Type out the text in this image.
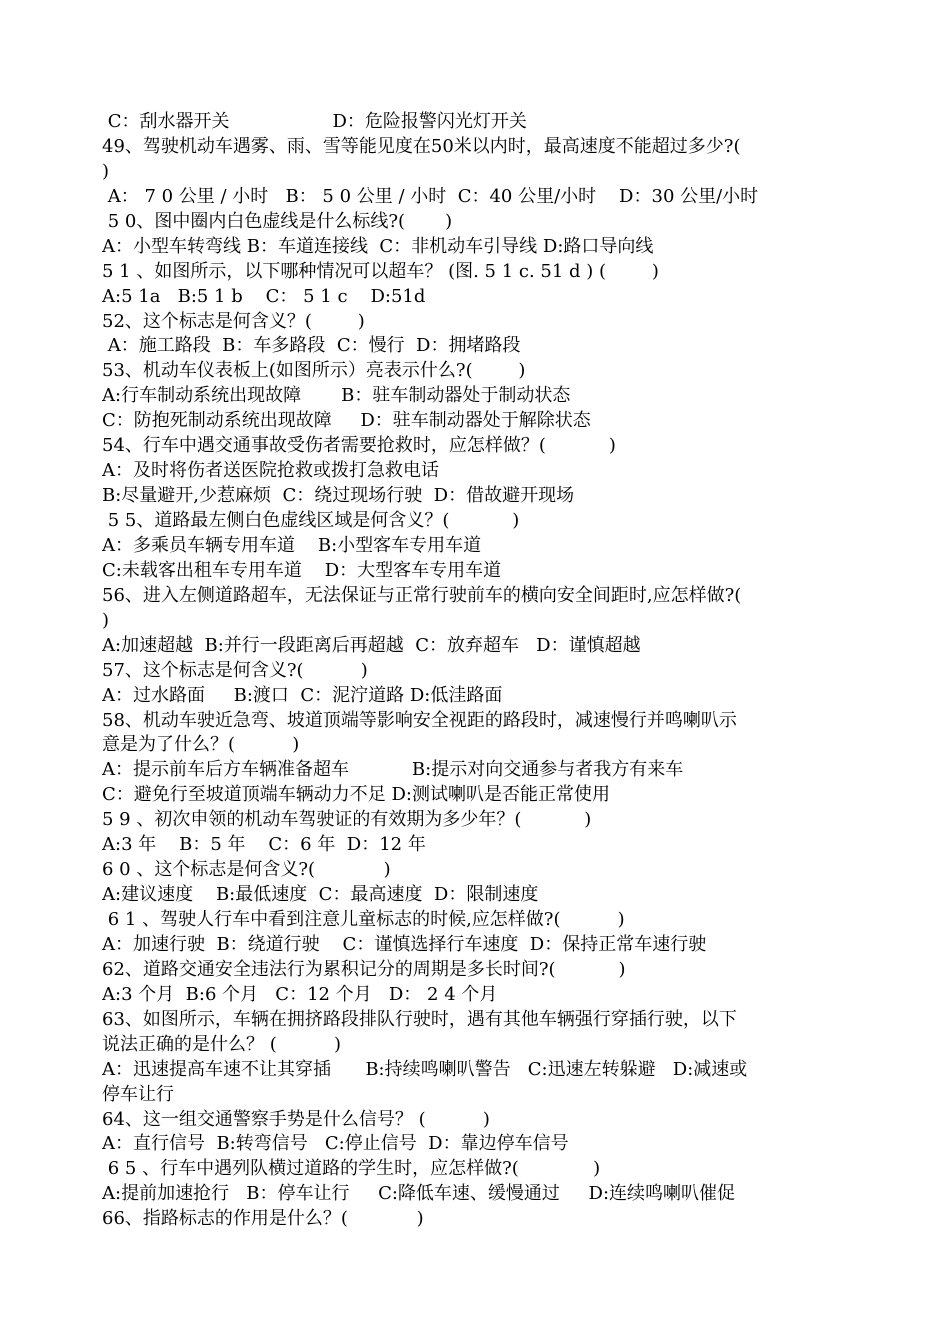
C：刮水器开关                  D：危险报警闪光灯开关
49、驾驶机动车遇雾、雨、雪等能见度在50米以内时，最高速度不能超过多少?(
)
A： 7 0 公里 / 小时   B： 5 0 公里 / 小时  C：40 公里/小时    D：30 公里/小时
5 0、图中圈内白色虚线是什么标线?(       )
A：小型车转弯线 B：车道连接线  C：非机动车引导线 D:路口导向线
5 1 、如图所示，以下哪种情况可以超车？ (图. 5 1 c. 51 d ) (        )
A:5 1a   B:5 1 b    C： 5 1 c    D:51d
52、这个标志是何含义？(        )
A：施工路段  B：车多路段  C：慢行  D：拥堵路段
53、机动车仪表板上(如图所示）亮表示什么?(        )
A:行车制动系统出现故障       B：驻车制动器处于制动状态
C：防抱死制动系统出现故障     D：驻车制动器处于解除状态
54、行车中遇交通事故受伤者需要抢救时，应怎样做？(           )
A：及时将伤者送医院抢救或拨打急救电话
B:尽量避开,少惹麻烦  C：绕过现场行驶  D：借故避开现场
5 5、道路最左侧白色虚线区域是何含义？(           )
A：多乘员车辆专用车道    B:小型客车专用车道
C:未载客出租车专用车道    D：大型客车专用车道
56、进入左侧道路超车，无法保证与正常行驶前车的横向安全间距时,应怎样做?(
)
A:加速超越  B:并行一段距离后再超越  C：放弃超车   D：谨慎超越
57、这个标志是何含义?(          )
A：过水路面     B:渡口  C：泥泞道路 D:低洼路面
58、机动车驶近急弯、坡道顶端等影响安全视距的路段时，减速慢行并鸣喇叭示
意是为了什么？(          )
A：提示前车后方车辆准备超车           B:提示对向交通参与者我方有来车
C：避免行至坡道顶端车辆动力不足 D:测试喇叭是否能正常使用
5 9 、初次申领的机动车驾驶证的有效期为多少年？(           )
A:3 年    B：5 年    C：6 年  D：12 年
6 0 、这个标志是何含义?(            )
A:建议速度    B:最低速度  C：最高速度  D：限制速度
6 1 、驾驶人行车中看到注意儿童标志的时候,应怎样做?(          )
A：加速行驶  B：绕道行驶    C：谨慎选择行车速度  D：保持正常车速行驶
62、道路交通安全违法行为累积记分的周期是多长时间?(           )
A:3 个月  B:6 个月   C：12 个月   D： 2 4 个月
63、如图所示，车辆在拥挤路段排队行驶时，遇有其他车辆强行穿插行驶，以下
说法正确的是什么？ (          )
A：迅速提高车速不让其穿插      B:持续鸣喇叭警告   C:迅速左转躲避   D:减速或
停车让行
64、这一组交通警察手势是什么信号？ (          )
A：直行信号  B:转弯信号   C:停止信号  D：靠边停车信号
6 5 、行车中遇列队横过道路的学生时，应怎样做?(             )
A:提前加速抢行   B：停车让行     C:降低车速、缓慢通过     D:连续鸣喇叭催促
66、指路标志的作用是什么？(            )
